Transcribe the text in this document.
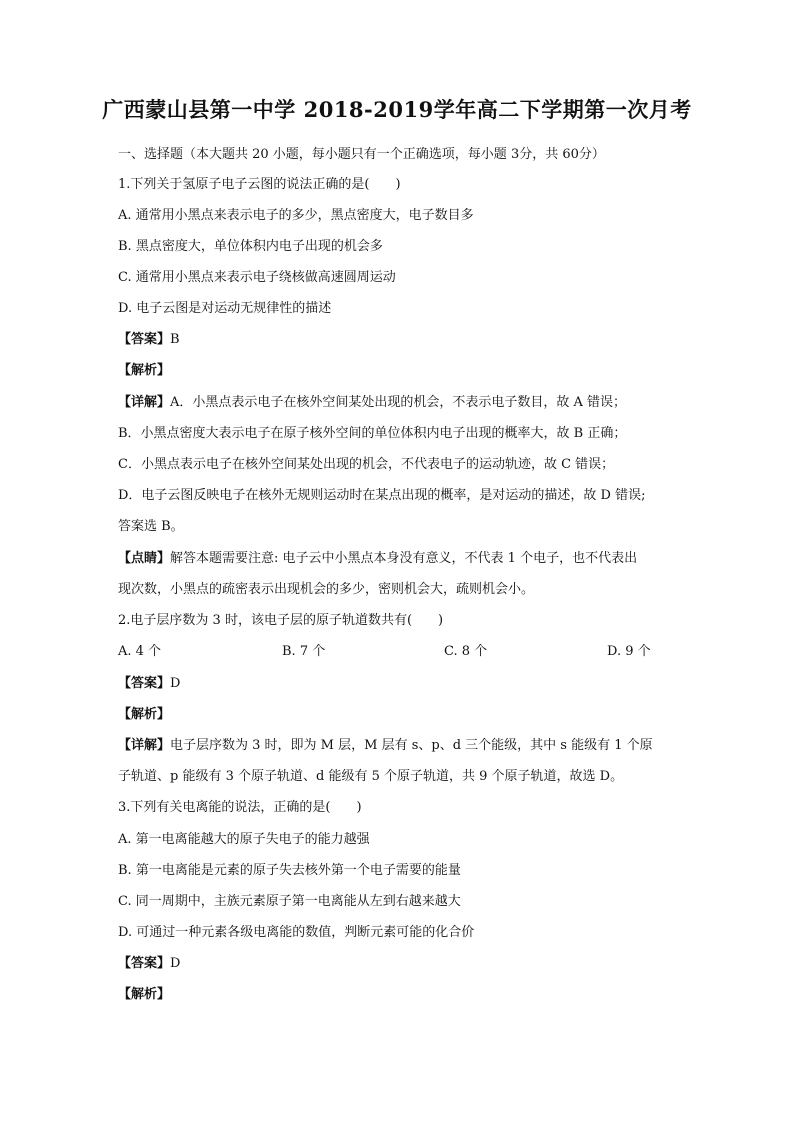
广西蒙山县第一中学 2018-2019学年高二下学期第一次月考
一、选择题（本大题共 20 小题，每小题只有一个正确选项，每小题 3分，共 60分）
1.下列关于氢原子电子云图的说法正确的是(　　)
A. 通常用小黑点来表示电子的多少，黑点密度大，电子数目多
B. 黑点密度大，单位体积内电子出现的机会多
C. 通常用小黑点来表示电子绕核做高速圆周运动
D. 电子云图是对运动无规律性的描述
【答案】B
【解析】
【详解】A．小黑点表示电子在核外空间某处出现的机会，不表示电子数目，故 A 错误；
B．小黑点密度大表示电子在原子核外空间的单位体积内电子出现的概率大，故 B 正确；
C．小黑点表示电子在核外空间某处出现的机会，不代表电子的运动轨迹，故 C 错误；
D．电子云图反映电子在核外无规则运动时在某点出现的概率，是对运动的描述，故 D 错误;
答案选 B。
【点睛】解答本题需要注意: 电子云中小黑点本身没有意义，不代表 1 个电子，也不代表出
现次数，小黑点的疏密表示出现机会的多少，密则机会大，疏则机会小。
2.电子层序数为 3 时，该电子层的原子轨道数共有(　　)
A. 4 个	B. 7 个	C. 8 个	D. 9 个
【答案】D
【解析】
【详解】电子层序数为 3 时，即为 M 层，M 层有 s、p、d 三个能级，其中 s 能级有 1 个原
子轨道、p 能级有 3 个原子轨道、d 能级有 5 个原子轨道，共 9 个原子轨道，故选 D。
3.下列有关电离能的说法，正确的是(　　)
A. 第一电离能越大的原子失电子的能力越强
B. 第一电离能是元素的原子失去核外第一个电子需要的能量
C. 同一周期中，主族元素原子第一电离能从左到右越来越大
D. 可通过一种元素各级电离能的数值，判断元素可能的化合价
【答案】D
【解析】
